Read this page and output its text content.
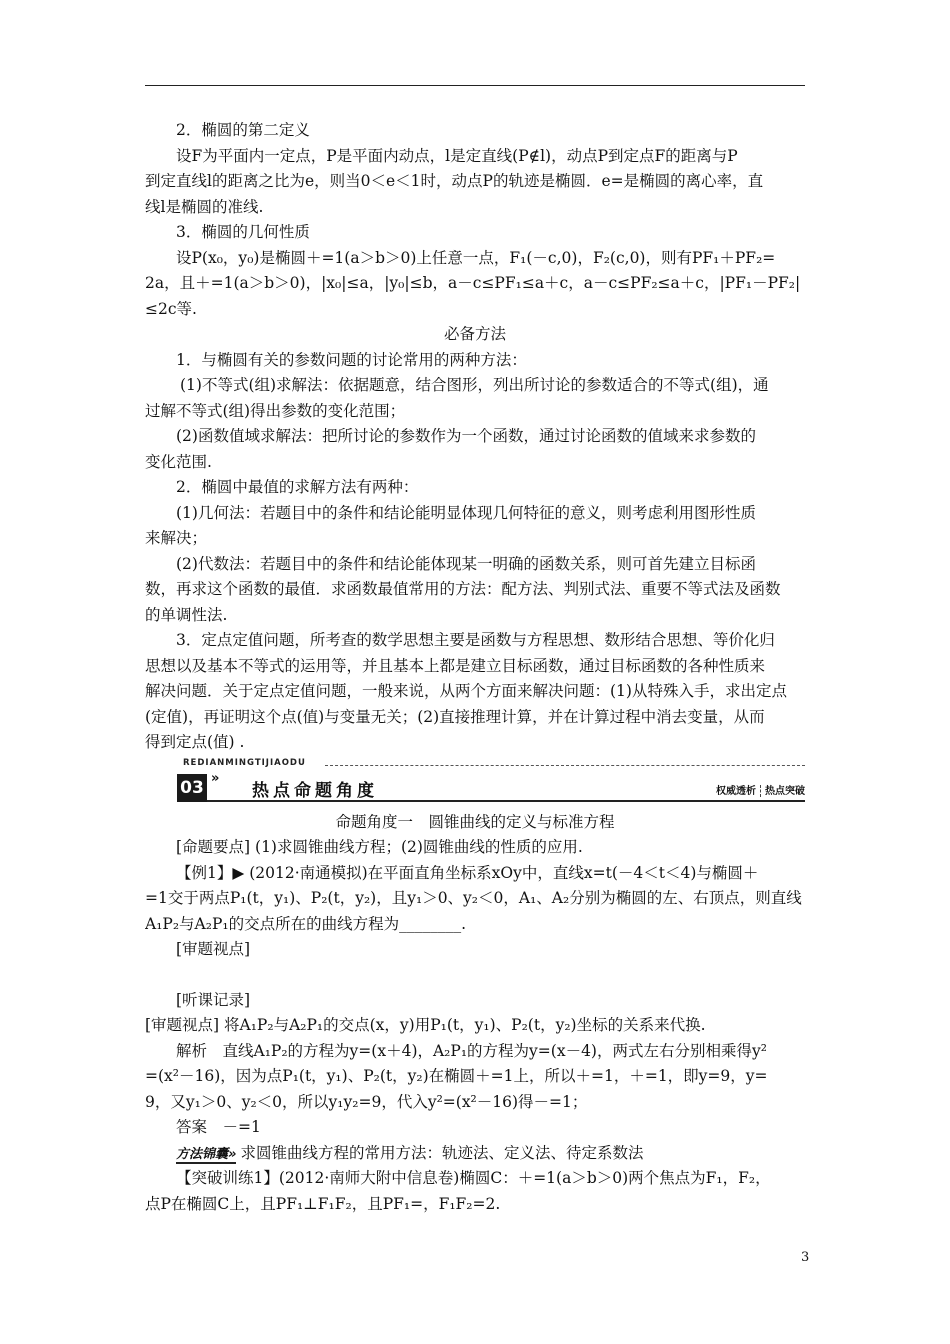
2．椭圆的第二定义
设F为平面内一定点，P是平面内动点，l是定直线(P∉l)，动点P到定点F的距离与P
到定直线l的距离之比为e，则当0＜e＜1时，动点P的轨迹是椭圆．e=是椭圆的离心率，直
线l是椭圆的准线.
3．椭圆的几何性质
设P(x₀，y₀)是椭圆＋=1(a＞b＞0)上任意一点，F₁(－c,0)，F₂(c,0)，则有PF₁＋PF₂=
2a，且＋=1(a＞b＞0)，|x₀|≤a，|y₀|≤b，a－c≤PF₁≤a＋c，a－c≤PF₂≤a＋c，|PF₁－PF₂|
≤2c等.
必备方法
1．与椭圆有关的参数问题的讨论常用的两种方法：
(1)不等式(组)求解法：依据题意，结合图形，列出所讨论的参数适合的不等式(组)，通
过解不等式(组)得出参数的变化范围；
(2)函数值域求解法：把所讨论的参数作为一个函数，通过讨论函数的值域来求参数的
变化范围.
2．椭圆中最值的求解方法有两种：
(1)几何法：若题目中的条件和结论能明显体现几何特征的意义，则考虑利用图形性质
来解决；
(2)代数法：若题目中的条件和结论能体现某一明确的函数关系，则可首先建立目标函
数，再求这个函数的最值．求函数最值常用的方法：配方法、判别式法、重要不等式法及函数
的单调性法.
3．定点定值问题，所考查的数学思想主要是函数与方程思想、数形结合思想、等价化归
思想以及基本不等式的运用等，并且基本上都是建立目标函数，通过目标函数的各种性质来
解决问题．关于定点定值问题，一般来说，从两个方面来解决问题：(1)从特殊入手，求出定点
(定值)，再证明这个点(值)与变量无关；(2)直接推理计算，并在计算过程中消去变量，从而
得到定点(值) .
REDIANMINGTIJIAODU
03 »
热点命题角度	权威透析 热点突破
命题角度一　圆锥曲线的定义与标准方程
[命题要点] (1)求圆锥曲线方程；(2)圆锥曲线的性质的应用.
【例1】▶ (2012·南通模拟)在平面直角坐标系xOy中，直线x=t(－4＜t＜4)与椭圆＋
=1交于两点P₁(t，y₁)、P₂(t，y₂)，且y₁＞0、y₂＜0，A₁、A₂分别为椭圆的左、右顶点，则直线
A₁P₂与A₂P₁的交点所在的曲线方程为________.
[审题视点]
[听课记录]
[审题视点] 将A₁P₂与A₂P₁的交点(x，y)用P₁(t，y₁)、P₂(t，y₂)坐标的关系来代换.
解析　直线A₁P₂的方程为y=(x＋4)，A₂P₁的方程为y=(x－4)，两式左右分别相乘得y²
=(x²－16)，因为点P₁(t，y₁)、P₂(t，y₂)在椭圆＋=1上，所以＋=1，＋=1，即y=9，y=
9，又y₁＞0、y₂＜0，所以y₁y₂=9，代入y²=(x²－16)得－=1；
答案　－=1
方法锦囊» 求圆锥曲线方程的常用方法：轨迹法、定义法、待定系数法
【突破训练1】(2012·南师大附中信息卷)椭圆C：＋=1(a＞b＞0)两个焦点为F₁，F₂，
点P在椭圆C上，且PF₁⊥F₁F₂，且PF₁=，F₁F₂=2.
3
